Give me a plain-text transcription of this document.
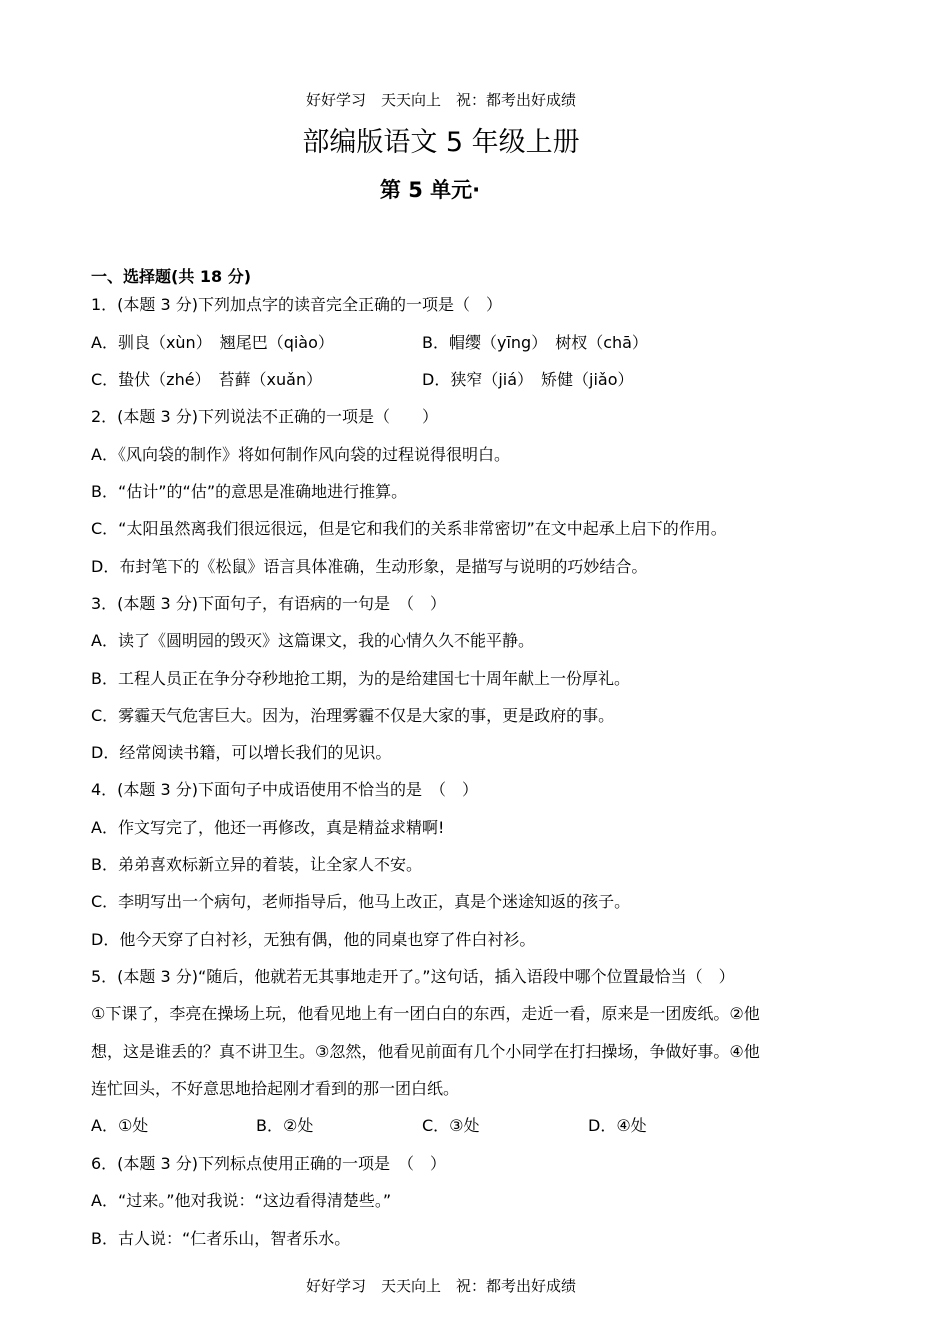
好好学习　天天向上　祝：都考出好成绩
部编版语文 5 年级上册
第 5 单元·
一、选择题(共 18 分)
1．(本题 3 分)下列加点字的读音完全正确的一项是（　）
A．驯良（xùn）　翘尾巴（qiào）	B．帽缨（yīng）　树杈（chā）
C．蛰伏（zhé）　苔藓（xuǎn）	D．狭窄（jiá）　矫健（jiǎo）
2．(本题 3 分)下列说法不正确的一项是（　　）
A．《风向袋的制作》将如何制作风向袋的过程说得很明白。
B．“估计”的“估”的意思是准确地进行推算。
C．“太阳虽然离我们很远很远，但是它和我们的关系非常密切”在文中起承上启下的作用。
D．布封笔下的《松鼠》语言具体准确，生动形象，是描写与说明的巧妙结合。
3．(本题 3 分)下面句子，有语病的一句是　（　）
A．读了《圆明园的毁灭》这篇课文，我的心情久久不能平静。
B．工程人员正在争分夺秒地抢工期，为的是给建国七十周年献上一份厚礼。
C．雾霾天气危害巨大。因为，治理雾霾不仅是大家的事，更是政府的事。
D．经常阅读书籍，可以增长我们的见识。
4．(本题 3 分)下面句子中成语使用不恰当的是　（　）
A．作文写完了，他还一再修改，真是精益求精啊!
B．弟弟喜欢标新立异的着装，让全家人不安。
C．李明写出一个病句，老师指导后，他马上改正，真是个迷途知返的孩子。
D．他今天穿了白衬衫，无独有偶，他的同桌也穿了件白衬衫。
5．(本题 3 分)“随后，他就若无其事地走开了。”这句话，插入语段中哪个位置最恰当（　）
①下课了，李亮在操场上玩，他看见地上有一团白白的东西，走近一看，原来是一团废纸。②他
想，这是谁丢的？真不讲卫生。③忽然，他看见前面有几个小同学在打扫操场，争做好事。④他
连忙回头，不好意思地拾起刚才看到的那一团白纸。
A．①处	B．②处	C．③处	D．④处
6．(本题 3 分)下列标点使用正确的一项是　（　）
A．“过来。”他对我说：“这边看得清楚些。”
B．古人说：“仁者乐山，智者乐水。
好好学习　天天向上　祝：都考出好成绩
